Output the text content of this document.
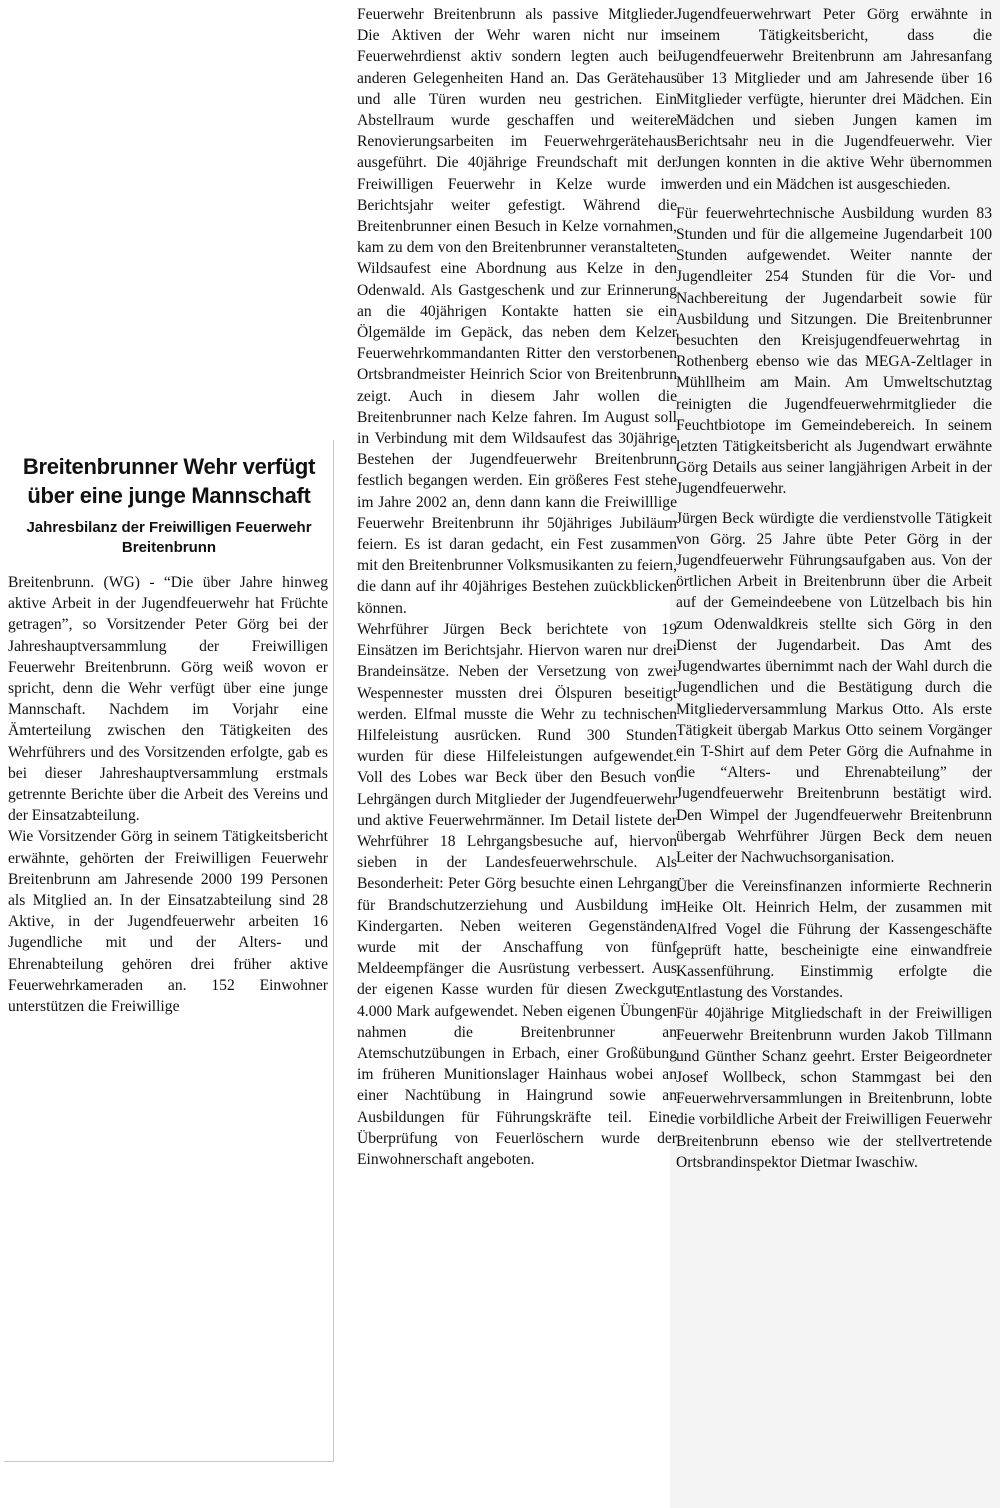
Breitenbrunner Wehr verfügt über eine junge Mannschaft
Jahresbilanz der Freiwilligen Feuerwehr Breitenbrunn

Breitenbrunn. (WG) - “Die über Jahre hinweg aktive Arbeit in der Jugendfeuerwehr hat Früchte getragen”, so Vorsitzender Peter Görg bei der Jahreshauptversammlung der Freiwilligen Feuerwehr Breitenbrunn. Görg weiß wovon er spricht, denn die Wehr verfügt über eine junge Mannschaft. Nachdem im Vorjahr eine Ämterteilung zwischen den Tätigkeiten des Wehrführers und des Vorsitzenden erfolgte, gab es bei dieser Jahreshauptversammlung erstmals getrennte Berichte über die Arbeit des Vereins und der Einsatzabteilung.

Wie Vorsitzender Görg in seinem Tätigkeitsbericht erwähnte, gehörten der Freiwilligen Feuerwehr Breitenbrunn am Jahresende 2000 199 Personen als Mitglied an. In der Einsatzabteilung sind 28 Aktive, in der Jugendfeuerwehr arbeiten 16 Jugendliche mit und der Alters- und Ehrenabteilung gehören drei früher aktive Feuerwehrkameraden an. 152 Einwohner unterstützen die Freiwillige

Feuerwehr Breitenbrunn als passive Mitglieder. Die Aktiven der Wehr waren nicht nur im Feuerwehrdienst aktiv sondern legten auch bei anderen Gelegenheiten Hand an. Das Gerätehaus und alle Türen wurden neu gestrichen. Ein Abstellraum wurde geschaffen und weitere Renovierungsarbeiten im Feuerwehrgerätehaus ausgeführt. Die 40jährige Freundschaft mit der Freiwilligen Feuerwehr in Kelze wurde im Berichtsjahr weiter gefestigt. Während die Breitenbrunner einen Besuch in Kelze vornahmen, kam zu dem von den Breitenbrunner veranstalteten Wildsaufest eine Abordnung aus Kelze in den Odenwald. Als Gastgeschenk und zur Erinnerung an die 40jährigen Kontakte hatten sie ein Ölgemälde im Gepäck, das neben dem Kelzer Feuerwehrkommandanten Ritter den verstorbenen Ortsbrandmeister Heinrich Scior von Breitenbrunn zeigt. Auch in diesem Jahr wollen die Breitenbrunner nach Kelze fahren. Im August soll in Verbindung mit dem Wildsaufest das 30jährige Bestehen der Jugendfeuerwehr Breitenbrunn festlich begangen werden. Ein größeres Fest stehe im Jahre 2002 an, denn dann kann die Freiwilllige Feuerwehr Breitenbrunn ihr 50jähriges Jubiläum feiern. Es ist daran gedacht, ein Fest zusammen mit den Breitenbrunner Volksmusikanten zu feiern, die dann auf ihr 40jähriges Bestehen zuückblicken können.

Wehrführer Jürgen Beck berichtete von 19 Einsätzen im Berichtsjahr. Hiervon waren nur drei Brandeinsätze. Neben der Versetzung von zwei Wespennester mussten drei Ölspuren beseitigt werden. Elfmal musste die Wehr zu technischen Hilfeleistung ausrücken. Rund 300 Stunden wurden für diese Hilfeleistungen aufgewendet. Voll des Lobes war Beck über den Besuch von Lehrgängen durch Mitglieder der Jugendfeuerwehr und aktive Feuerwehrmänner. Im Detail listete der Wehrführer 18 Lehrgangsbesuche auf, hiervon sieben in der Landesfeuerwehrschule. Als Besonderheit: Peter Görg besuchte einen Lehrgang für Brandschutzerziehung und Ausbildung im Kindergarten. Neben weiteren Gegenständen wurde mit der Anschaffung von fünf Meldeempfänger die Ausrüstung verbessert. Aus der eigenen Kasse wurden für diesen Zweckgut 4.000 Mark aufgewendet. Neben eigenen Übungen nahmen die Breitenbrunner an Atemschutzübungen in Erbach, einer Großübung im früheren Munitionslager Hainhaus wobei an einer Nachtübung in Haingrund sowie an Ausbildungen für Führungskräfte teil. Eine Überprüfung von Feuerlöschern wurde der Einwohnerschaft angeboten.

Jugendfeuerwehrwart Peter Görg erwähnte in seinem Tätigkeitsbericht, dass die Jugendfeuerwehr Breitenbrunn am Jahresanfang über 13 Mitglieder und am Jahresende über 16 Mitglieder verfügte, hierunter drei Mädchen. Ein Mädchen und sieben Jungen kamen im Berichtsahr neu in die Jugendfeuerwehr. Vier Jungen konnten in die aktive Wehr übernommen werden und ein Mädchen ist ausgeschieden.

Für feuerwehrtechnische Ausbildung wurden 83 Stunden und für die allgemeine Jugendarbeit 100 Stunden aufgewendet. Weiter nannte der Jugendleiter 254 Stunden für die Vor- und Nachbereitung der Jugendarbeit sowie für Ausbildung und Sitzungen. Die Breitenbrunner besuchten den Kreisjugendfeuerwehrtag in Rothenberg ebenso wie das MEGA-Zeltlager in Mühllheim am Main. Am Umweltschutztag reinigten die Jugendfeuerwehrmitglieder die Feuchtbiotope im Gemeindebereich. In seinem letzten Tätigkeitsbericht als Jugendwart erwähnte Görg Details aus seiner langjährigen Arbeit in der Jugendfeuerwehr.

Jürgen Beck würdigte die verdienstvolle Tätigkeit von Görg. 25 Jahre übte Peter Görg in der Jugendfeuerwehr Führungsaufgaben aus. Von der örtlichen Arbeit in Breitenbrunn über die Arbeit auf der Gemeindeebene von Lützelbach bis hin zum Odenwaldkreis stellte sich Görg in den Dienst der Jugendarbeit. Das Amt des Jugendwartes übernimmt nach der Wahl durch die Jugendlichen und die Bestätigung durch die Mitgliederversammlung Markus Otto. Als erste Tätigkeit übergab Markus Otto seinem Vorgänger ein T-Shirt auf dem Peter Görg die Aufnahme in die “Alters- und Ehrenabteilung” der Jugendfeuerwehr Breitenbrunn bestätigt wird. Den Wimpel der Jugendfeuerwehr Breitenbrunn übergab Wehrführer Jürgen Beck dem neuen Leiter der Nachwuchsorganisation.

Über die Vereinsfinanzen informierte Rechnerin Heike Olt. Heinrich Helm, der zusammen mit Alfred Vogel die Führung der Kassengeschäfte geprüft hatte, bescheinigte eine einwandfreie Kassenführung. Einstimmig erfolgte die Entlastung des Vorstandes.

Für 40jährige Mitgliedschaft in der Freiwilligen Feuerwehr Breitenbrunn wurden Jakob Tillmann und Günther Schanz geehrt. Erster Beigeordneter Josef Wollbeck, schon Stammgast bei den Feuerwehrversammlungen in Breitenbrunn, lobte die vorbildliche Arbeit der Freiwilligen Feuerwehr Breitenbrunn ebenso wie der stellvertretende Ortsbrandinspektor Dietmar Iwaschiw.
